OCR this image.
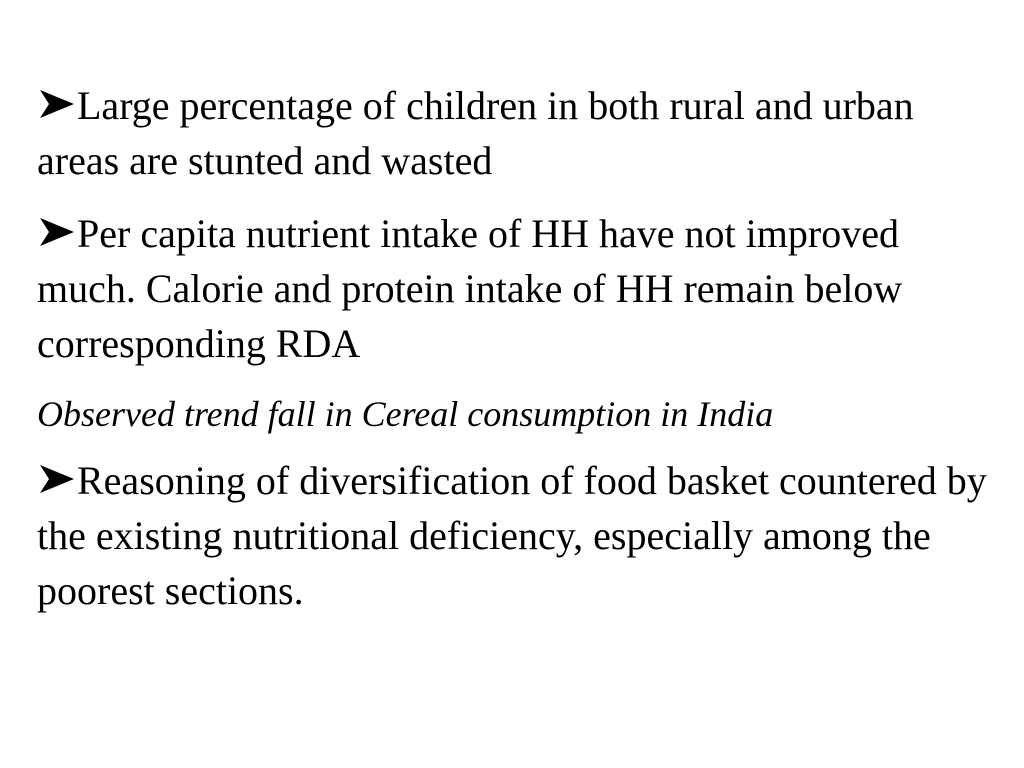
Large percentage of children in both rural and urban areas are stunted and wasted

Per capita nutrient intake of HH have not improved much. Calorie and protein intake of HH remain below corresponding RDA

Observed trend fall in Cereal consumption in India

Reasoning of diversification of food basket countered by the existing nutritional deficiency, especially among the poorest sections.
